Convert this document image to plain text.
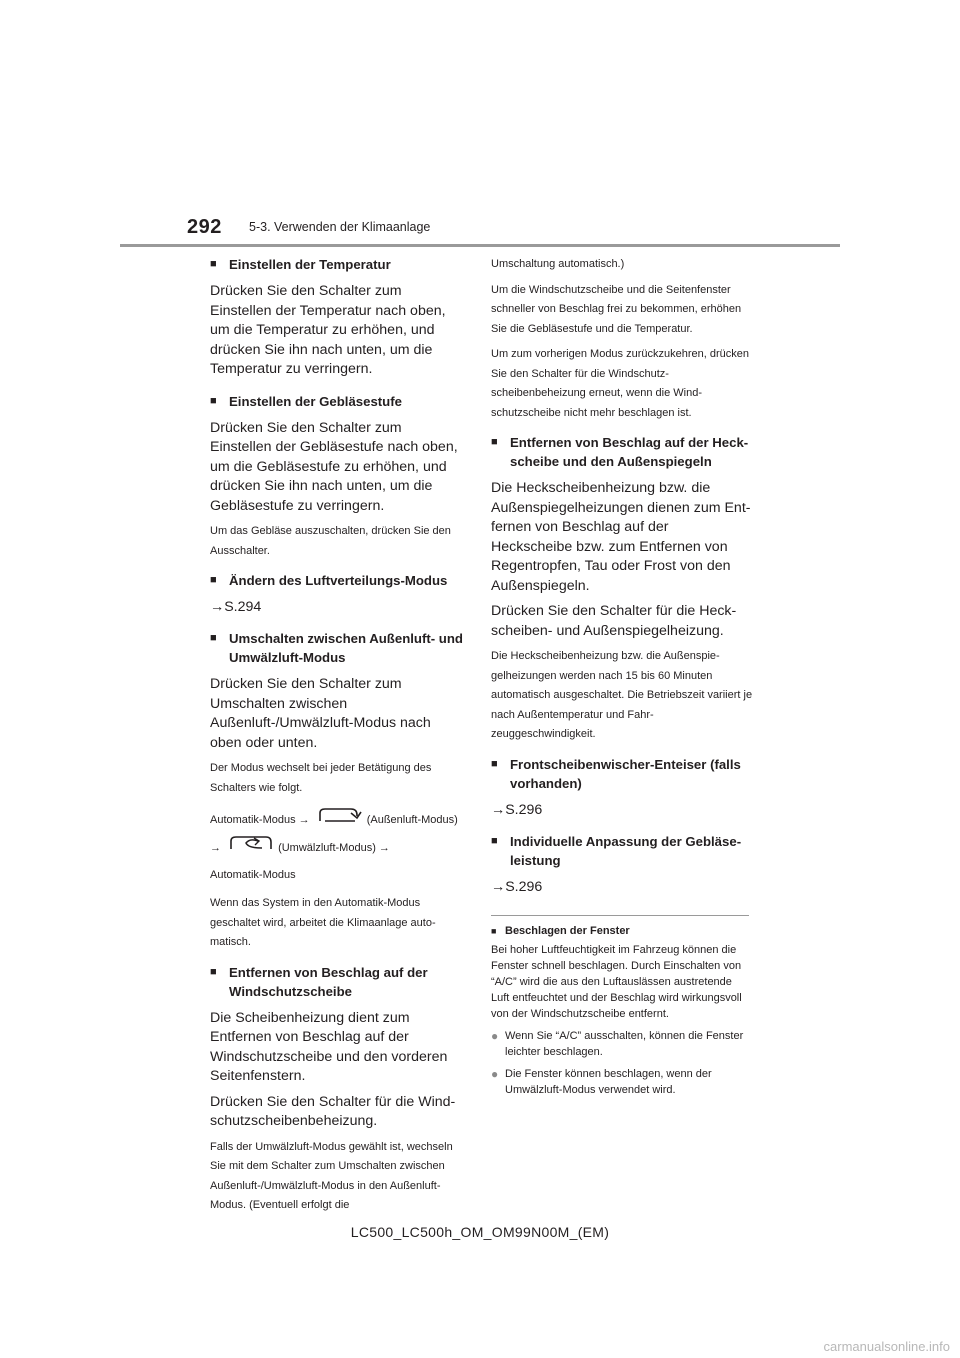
292 5-3. Verwenden der Klimaanlage

■ Einstellen der Temperatur

Drücken Sie den Schalter zum Einstellen der Temperatur nach oben, um die Temperatur zu erhöhen, und drücken Sie ihn nach unten, um die Temperatur zu verringern.

■ Einstellen der Gebläsestufe

Drücken Sie den Schalter zum Einstellen der Gebläsestufe nach oben, um die Gebläsestufe zu erhöhen, und drücken Sie ihn nach unten, um die Gebläsestufe zu verringern.

Um das Gebläse auszuschalten, drücken Sie den Ausschalter.

■ Ändern des Luftverteilungs-Modus

→S.294

■ Umschalten zwischen Außenluft- und Umwälzluft-Modus

Drücken Sie den Schalter zum Umschalten zwischen Außenluft-/Umwälzluft-Modus nach oben oder unten.

Der Modus wechselt bei jeder Betätigung des Schalters wie folgt.

Automatik-Modus →	(Außenluft-Modus) →	(Umwälzluft-Modus) →
Automatik-Modus

Wenn das System in den Automatik-Modus geschaltet wird, arbeitet die Klimaanlage automatisch.

■ Entfernen von Beschlag auf der Windschutzscheibe

Die Scheibenheizung dient zum Entfernen von Beschlag auf der Windschutzscheibe und den vorderen Seitenfenstern.

Drücken Sie den Schalter für die Windschutzscheibenbeheizung.

Falls der Umwälzluft-Modus gewählt ist, wechseln Sie mit dem Schalter zum Umschalten zwischen Außenluft-/Umwälzluft-Modus in den Außenluft-Modus. (Eventuell erfolgt die

Umschaltung automatisch.)

Um die Windschutzscheibe und die Seitenfenster schneller von Beschlag frei zu bekommen, erhöhen Sie die Gebläsestufe und die Temperatur.

Um zum vorherigen Modus zurückzukehren, drücken Sie den Schalter für die Windschutzscheibenbeheizung erneut, wenn die Windschutzscheibe nicht mehr beschlagen ist.

■ Entfernen von Beschlag auf der Heckscheibe und den Außenspiegeln

Die Heckscheibenheizung bzw. die Außenspiegelheizungen dienen zum Entfernen von Beschlag auf der Heckscheibe bzw. zum Entfernen von Regentropfen, Tau oder Frost von den Außenspiegeln.

Drücken Sie den Schalter für die Heckscheiben- und Außenspiegelheizung.

Die Heckscheibenheizung bzw. die Außenspiegelheizungen werden nach 15 bis 60 Minuten automatisch ausgeschaltet. Die Betriebszeit variiert je nach Außentemperatur und Fahrzeuggeschwindigkeit.

■ Frontscheibenwischer-Enteiser (falls vorhanden)

→S.296

■ Individuelle Anpassung der Gebläseleistung

→S.296

■ Beschlagen der Fenster

Bei hoher Luftfeuchtigkeit im Fahrzeug können die Fenster schnell beschlagen. Durch Einschalten von “A/C” wird die aus den Luftauslässen austretende Luft entfeuchtet und der Beschlag wird wirkungsvoll von der Windschutzscheibe entfernt.

● Wenn Sie “A/C” ausschalten, können die Fenster leichter beschlagen.

● Die Fenster können beschlagen, wenn der Umwälzluft-Modus verwendet wird.

LC500_LC500h_OM_OM99N00M_(EM)
carmanualsonline.info
